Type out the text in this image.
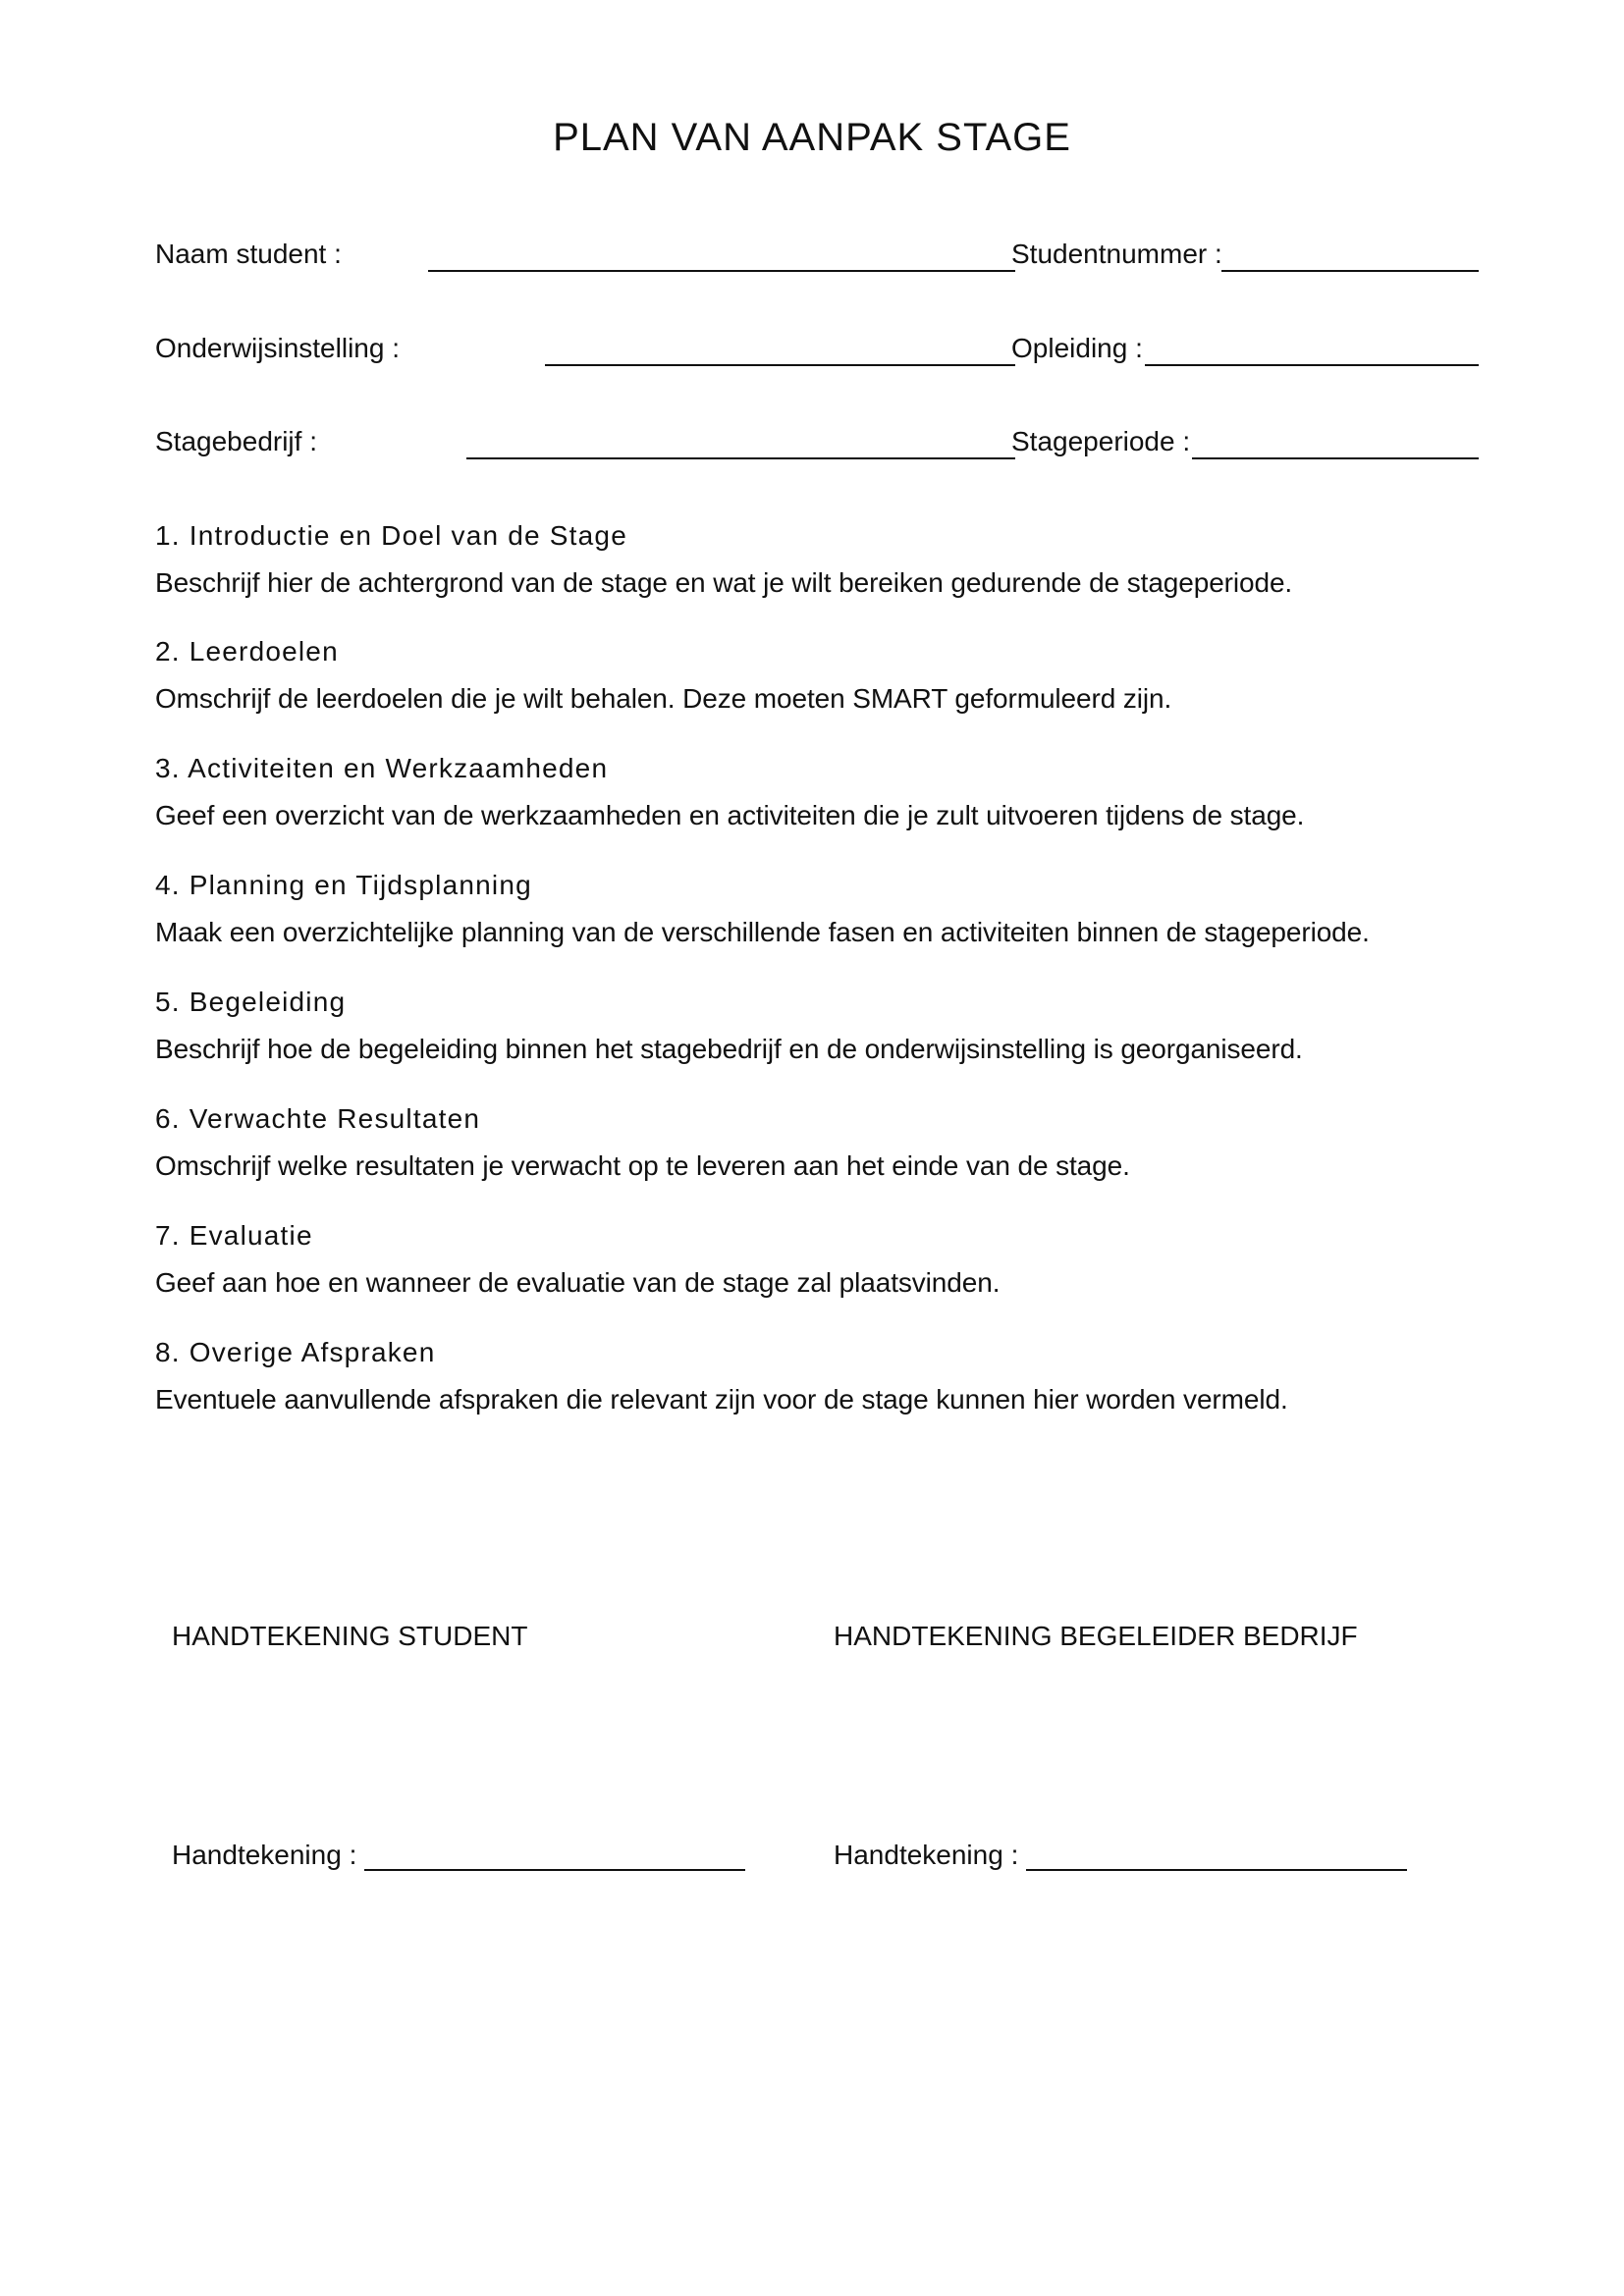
PLAN VAN AANPAK STAGE
Naam student :	Studentnummer :
Onderwijsinstelling :	Opleiding :
Stagebedrijf :	Stageperiode :

1. Introductie en Doel van de Stage

Beschrijf hier de achtergrond van de stage en wat je wilt bereiken gedurende de stageperiode.

2. Leerdoelen

Omschrijf de leerdoelen die je wilt behalen. Deze moeten SMART geformuleerd zijn.

3. Activiteiten en Werkzaamheden

Geef een overzicht van de werkzaamheden en activiteiten die je zult uitvoeren tijdens de stage.

4. Planning en Tijdsplanning

Maak een overzichtelijke planning van de verschillende fasen en activiteiten binnen de stageperiode.

5. Begeleiding

Beschrijf hoe de begeleiding binnen het stagebedrijf en de onderwijsinstelling is georganiseerd.

6. Verwachte Resultaten

Omschrijf welke resultaten je verwacht op te leveren aan het einde van de stage.

7. Evaluatie

Geef aan hoe en wanneer de evaluatie van de stage zal plaatsvinden.

8. Overige Afspraken

Eventuele aanvullende afspraken die relevant zijn voor de stage kunnen hier worden vermeld.

HANDTEKENING STUDENT	HANDTEKENING BEGELEIDER BEDRIJF
Handtekening :	Handtekening :
